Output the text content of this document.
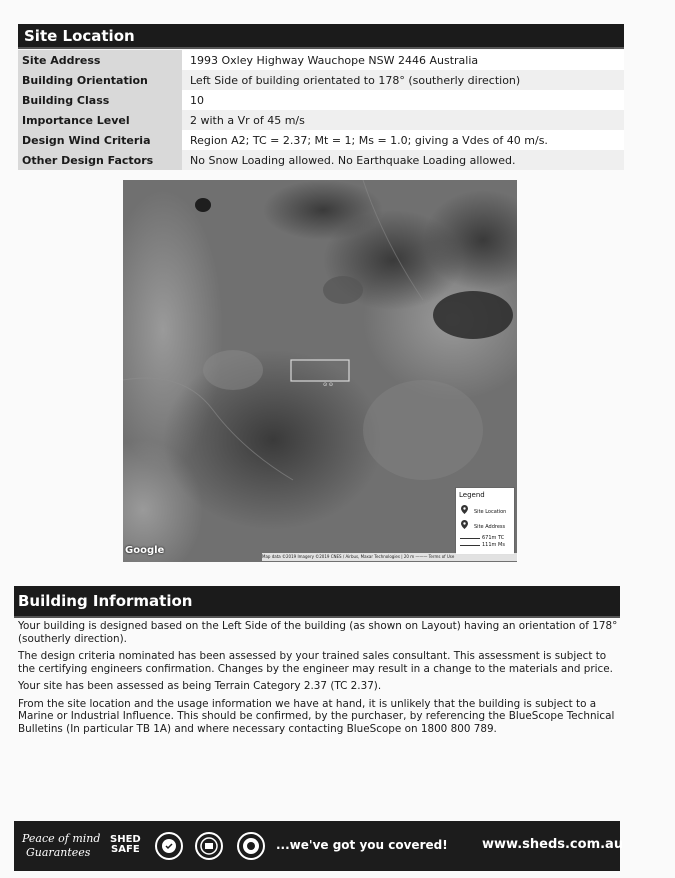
Site Location
Site Address	1993 Oxley Highway Wauchope NSW 2446 Australia
Building Orientation	Left Side of building orientated to 178° (southerly direction)
Building Class	10
Importance Level	2 with a Vr of 45 m/s
Design Wind Criteria	Region A2; TC = 2.37; Mt = 1; Ms = 1.0; giving a Vdes of 40 m/s.
Other Design Factors	No Snow Loading allowed. No Earthquake Loading allowed.
⊙ ⊙
Legend
Site Location
Site Address
671m TC
111m Ms
Google
Map data ©2019 Imagery ©2019 CNES / Airbus, Maxar Technologies | 20 m ——— Terms of Use
Building Information

Your building is designed based on the Left Side of the building (as shown on Layout) having an orientation of 178° (southerly direction).

The design criteria nominated has been assessed by your trained sales consultant. This assessment is subject to the certifying engineers confirmation. Changes by the engineer may result in a change to the materials and price.

Your site has been assessed as being Terrain Category 2.37 (TC 2.37).

From the site location and the usage information we have at hand, it is unlikely that the building is subject to a Marine or Industrial Influence. This should be confirmed, by the purchaser, by referencing the BlueScope Technical Bulletins (In particular TB 1A) and where necessary contacting BlueScope on 1800 800 789.

Peace of mind
Guarantees
SHED
SAFE	...we've got you covered!	www.sheds.com.au
